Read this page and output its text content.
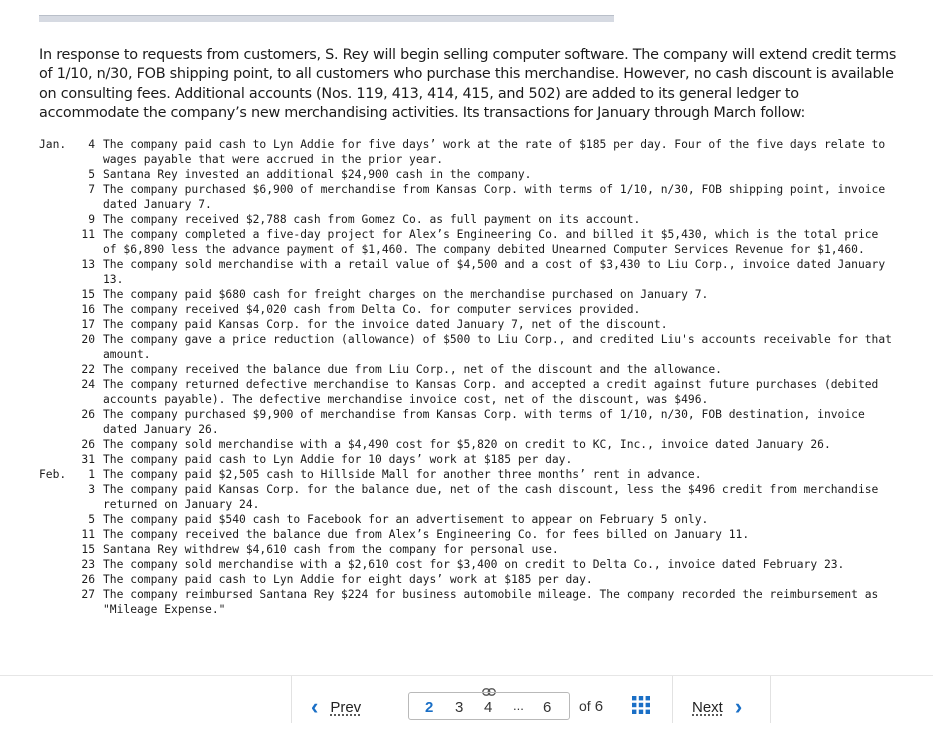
In response to requests from customers, S. Rey will begin selling computer software. The company will extend credit terms of 1/10, n/30, FOB shipping point, to all customers who purchase this merchandise. However, no cash discount is available on consulting fees. Additional accounts (Nos. 119, 413, 414, 415, and 502) are added to its general ledger to accommodate the company’s new merchandising activities. Its transactions for January through March follow:

Jan.	4 The company paid cash to Lyn Addie for five days’ work at the rate of $185 per day. Four of the five days relate to wages payable that were accrued in the prior year.
5 Santana Rey invested an additional $24,900 cash in the company.
7 The company purchased $6,900 of merchandise from Kansas Corp. with terms of 1/10, n/30, FOB shipping point, invoice dated January 7.
9 The company received $2,788 cash from Gomez Co. as full payment on its account.
11 The company completed a five-day project for Alex’s Engineering Co. and billed it $5,430, which is the total price of $6,890 less the advance payment of $1,460. The company debited Unearned Computer Services Revenue for $1,460.
13 The company sold merchandise with a retail value of $4,500 and a cost of $3,430 to Liu Corp., invoice dated January 13.
15 The company paid $680 cash for freight charges on the merchandise purchased on January 7.
16 The company received $4,020 cash from Delta Co. for computer services provided.
17 The company paid Kansas Corp. for the invoice dated January 7, net of the discount.
20 The company gave a price reduction (allowance) of $500 to Liu Corp., and credited Liu's accounts receivable for that amount.
22 The company received the balance due from Liu Corp., net of the discount and the allowance.
24 The company returned defective merchandise to Kansas Corp. and accepted a credit against future purchases (debited accounts payable). The defective merchandise invoice cost, net of the discount, was $496.
26 The company purchased $9,900 of merchandise from Kansas Corp. with terms of 1/10, n/30, FOB destination, invoice dated January 26.
26 The company sold merchandise with a $4,490 cost for $5,820 on credit to KC, Inc., invoice dated January 26.
31 The company paid cash to Lyn Addie for 10 days’ work at $185 per day.
Feb.	1 The company paid $2,505 cash to Hillside Mall for another three months’ rent in advance.
3 The company paid Kansas Corp. for the balance due, net of the cash discount, less the $496 credit from merchandise returned on January 24.
5 The company paid $540 cash to Facebook for an advertisement to appear on February 5 only.
11 The company received the balance due from Alex’s Engineering Co. for fees billed on January 11.
15 Santana Rey withdrew $4,610 cash from the company for personal use.
23 The company sold merchandise with a $2,610 cost for $3,400 on credit to Delta Co., invoice dated February 23.
26 The company paid cash to Lyn Addie for eight days’ work at $185 per day.
27 The company reimbursed Santana Rey $224 for business automobile mileage. The company recorded the reimbursement as "Mileage Expense."
‹ Prev	2 3 4 ... 6 of 6	Next ›
